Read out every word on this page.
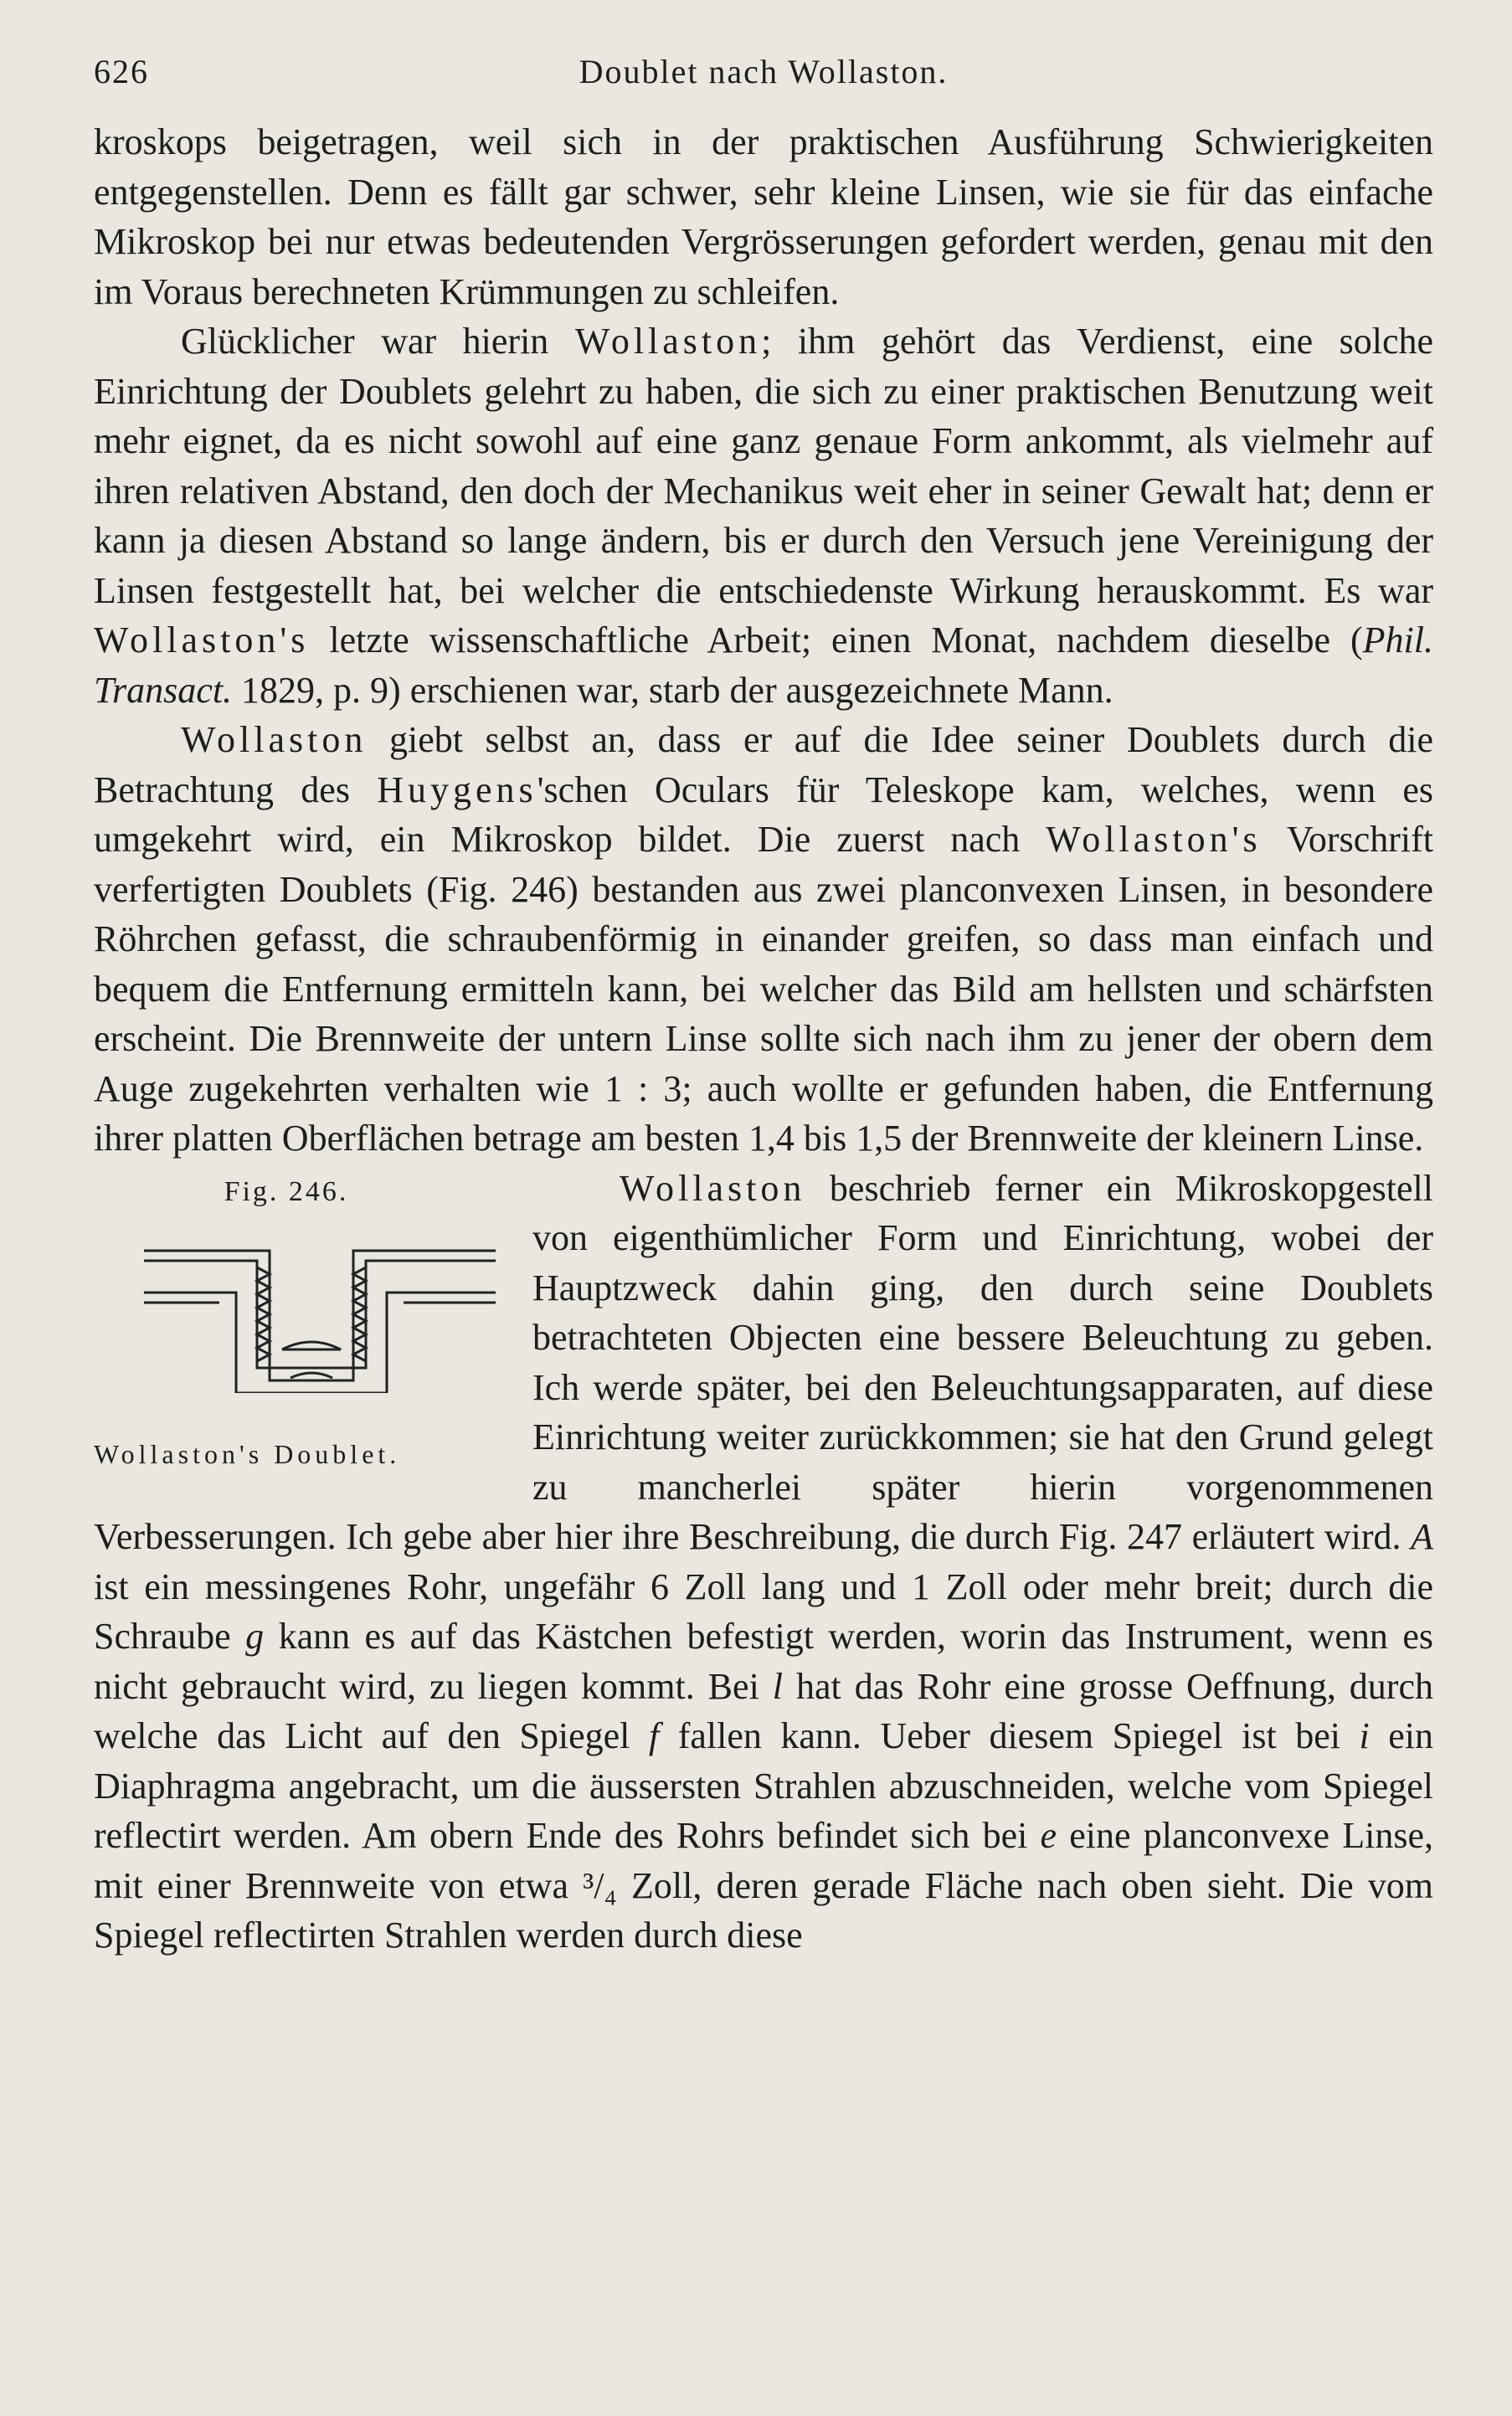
626	Doublet nach Wollaston.

kroskops beigetragen, weil sich in der praktischen Ausführung Schwierigkeiten entgegenstellen. Denn es fällt gar schwer, sehr kleine Linsen, wie sie für das einfache Mikroskop bei nur etwas bedeutenden Vergrösserungen gefordert werden, genau mit den im Voraus berechneten Krümmungen zu schleifen.

Glücklicher war hierin Wollaston; ihm gehört das Verdienst, eine solche Einrichtung der Doublets gelehrt zu haben, die sich zu einer praktischen Benutzung weit mehr eignet, da es nicht sowohl auf eine ganz genaue Form ankommt, als vielmehr auf ihren relativen Abstand, den doch der Mechanikus weit eher in seiner Gewalt hat; denn er kann ja diesen Abstand so lange ändern, bis er durch den Versuch jene Vereinigung der Linsen festgestellt hat, bei welcher die entschiedenste Wirkung herauskommt. Es war Wollaston's letzte wissenschaftliche Arbeit; einen Monat, nachdem dieselbe (Phil. Transact. 1829, p. 9) erschienen war, starb der ausgezeichnete Mann.

Wollaston giebt selbst an, dass er auf die Idee seiner Doublets durch die Betrachtung des Huygens'schen Oculars für Teleskope kam, welches, wenn es umgekehrt wird, ein Mikroskop bildet. Die zuerst nach Wollaston's Vorschrift verfertigten Doublets (Fig. 246) bestanden aus zwei planconvexen Linsen, in besondere Röhrchen gefasst, die schraubenförmig in einander greifen, so dass man einfach und bequem die Entfernung ermitteln kann, bei welcher das Bild am hellsten und schärfsten erscheint. Die Brennweite der untern Linse sollte sich nach ihm zu jener der obern dem Auge zugekehrten verhalten wie 1 : 3; auch wollte er gefunden haben, die Entfernung ihrer platten Oberflächen betrage am besten 1,4 bis 1,5 der Brennweite der kleinern Linse.

Fig. 246.
Wollaston's Doublet.

Wollaston beschrieb ferner ein Mikroskopgestell von eigenthümlicher Form und Einrichtung, wobei der Hauptzweck dahin ging, den durch seine Doublets betrachteten Objecten eine bessere Beleuchtung zu geben. Ich werde später, bei den Beleuchtungsapparaten, auf diese Einrichtung weiter zurückkommen; sie hat den Grund gelegt zu mancherlei später hierin vorgenommenen Verbesserungen. Ich gebe aber hier ihre Beschreibung, die durch Fig. 247 erläutert wird. A ist ein messingenes Rohr, ungefähr 6 Zoll lang und 1 Zoll oder mehr breit; durch die Schraube g kann es auf das Kästchen befestigt werden, worin das Instrument, wenn es nicht gebraucht wird, zu liegen kommt. Bei l hat das Rohr eine grosse Oeffnung, durch welche das Licht auf den Spiegel f fallen kann. Ueber diesem Spiegel ist bei i ein Diaphragma angebracht, um die äussersten Strahlen abzuschneiden, welche vom Spiegel reflectirt werden. Am obern Ende des Rohrs befindet sich bei e eine planconvexe Linse, mit einer Brennweite von etwa ³/₄ Zoll, deren gerade Fläche nach oben sieht. Die vom Spiegel reflectirten Strahlen werden durch diese
